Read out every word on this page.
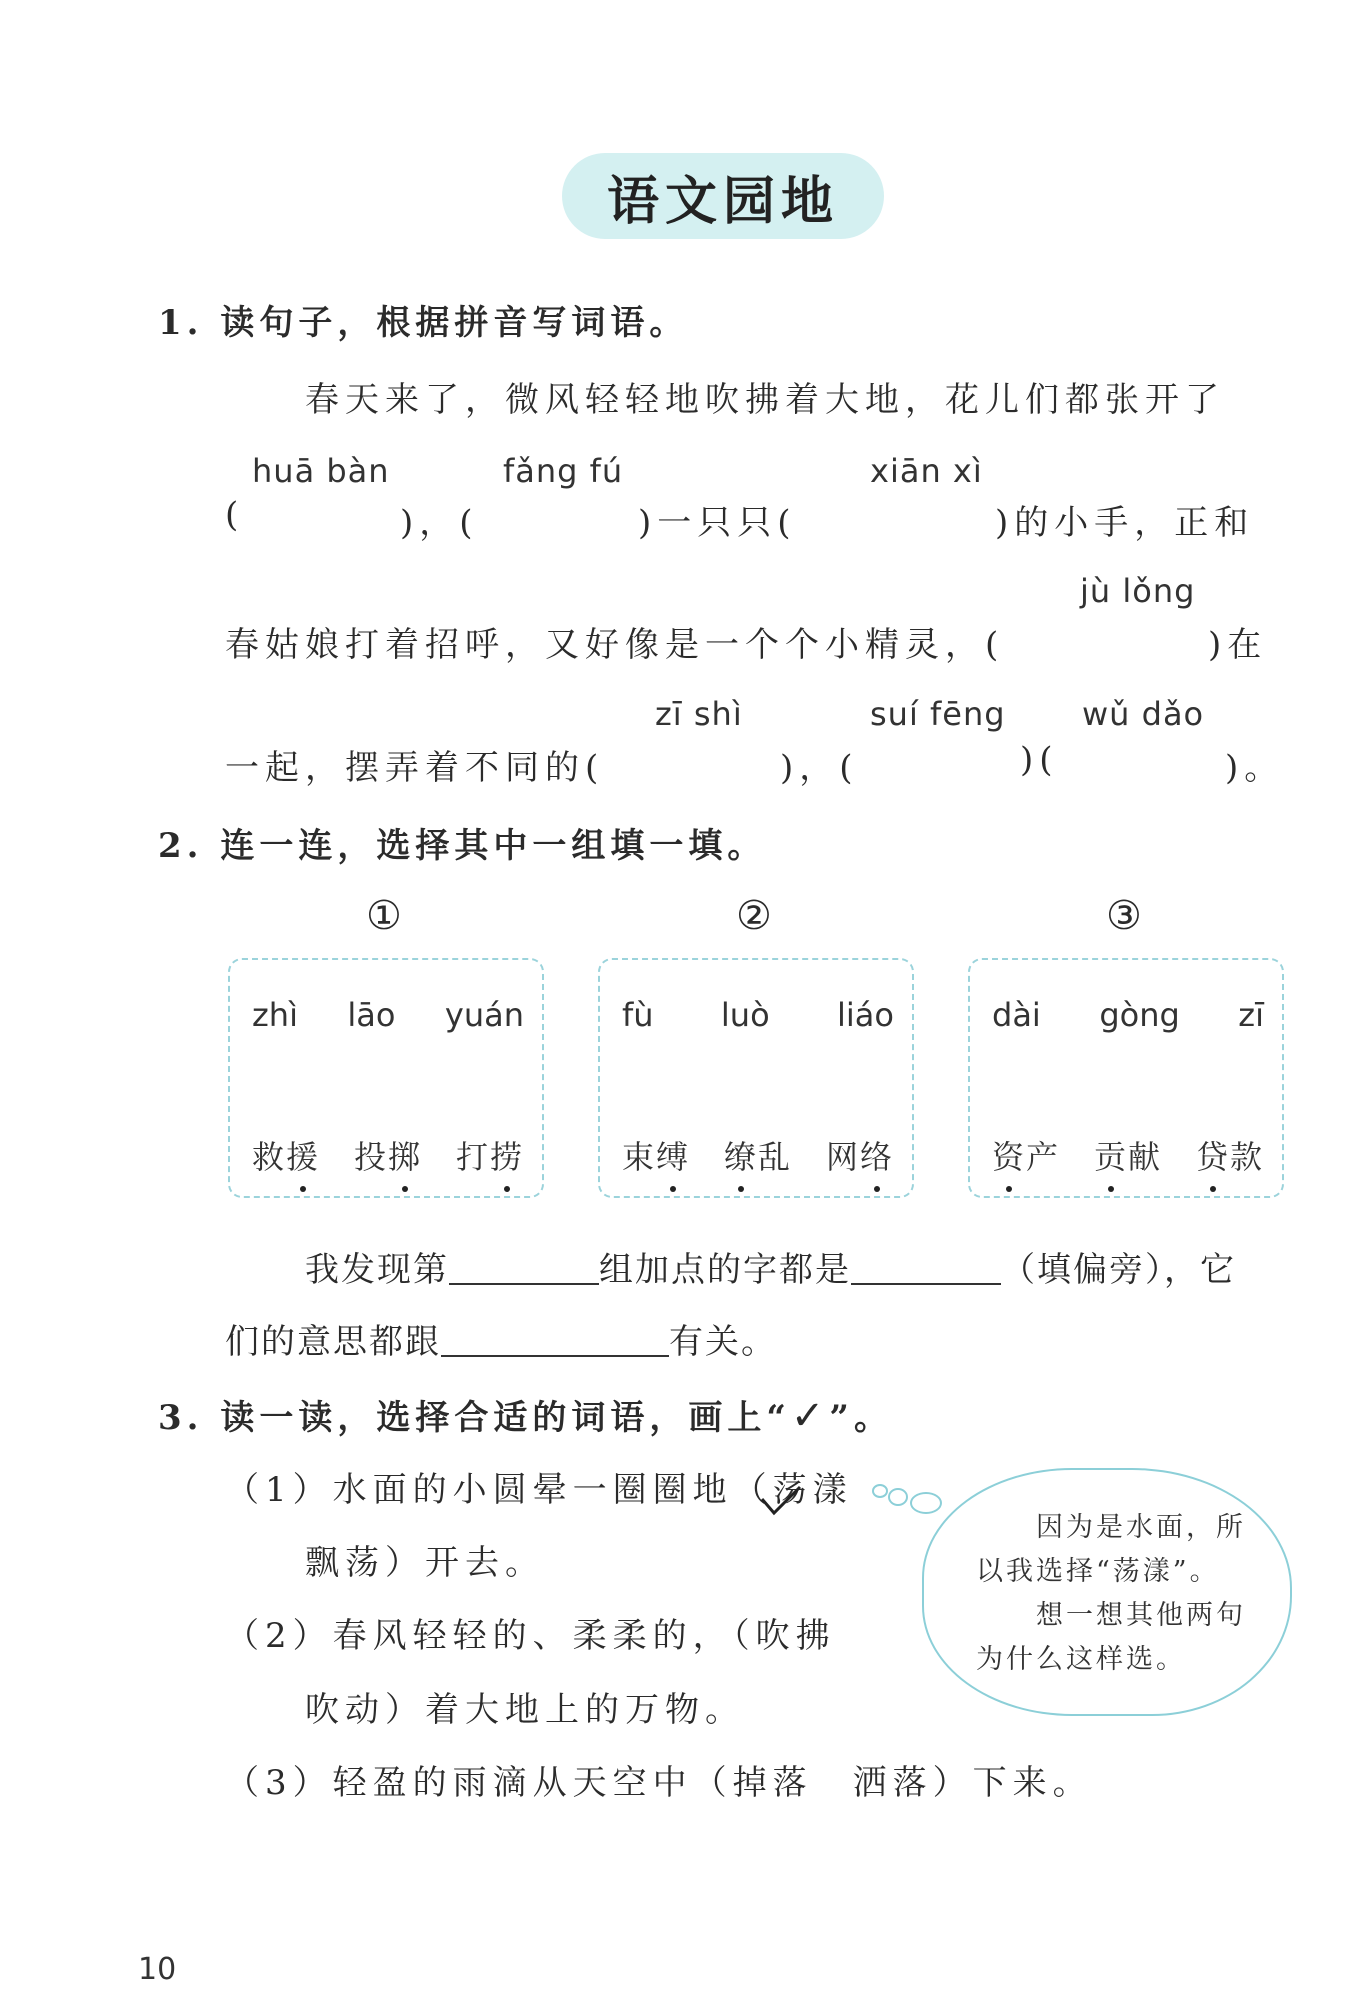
语文园地
1. 读句子，根据拼音写词语。
春天来了，微风轻轻地吹拂着大地，花儿们都张开了
huā bàn	fǎng fú	xiān xì
(	)，(	)一只只(	)的小手，正和
jù lǒng
春姑娘打着招呼，又好像是一个个小精灵，(	)在
zī shì	suí fēng wǔ dǎo
一起，摆弄着不同的(	)，(	)(	)。
2. 连一连，选择其中一组填一填。
①	②	③
zhì lāo yuán
救援 投掷 打捞
fù luò liáo
束缚 缭乱 网络
dài gòng zī
资产 贡献 贷款
我发现第	组加点的字都是	（填偏旁），它
们的意思都跟	有关。
3. 读一读，选择合适的词语，画上“✓”。
（1）水面的小圆晕一圈圈地（荡漾
飘荡）开去。
（2）春风轻轻的、柔柔的，（吹拂
吹动）着大地上的万物。
（3）轻盈的雨滴从天空中（掉落　洒落）下来。
因为是水面，所
以我选择“荡漾”。
想一想其他两句
为什么这样选。
10
